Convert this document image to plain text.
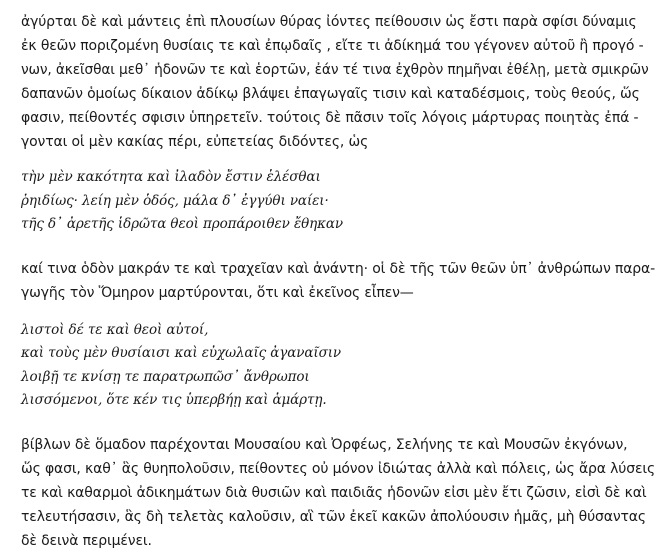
ἀγύρται δὲ καὶ μάντεις ἐπὶ πλουσίων θύρας ἰόντες πείθουσιν ὡς ἔστι παρὰ σφίσι δύναμις
ἐκ θεῶν ποριζομένη θυσίαις τε καὶ ἐπῳδαῖς , εἴτε τι ἀδίκημά του γέγονεν αὐτοῦ ἢ προγό -
νων, ἀκεῖσθαι μεθ᾽ ἡδονῶν τε καὶ ἑορτῶν, ἐάν τέ τινα ἐχθρὸν πημῆναι ἐθέλῃ, μετὰ σμικρῶν
δαπανῶν ὁμοίως δίκαιον ἀδίκῳ βλάψει ἐπαγωγαῖς τισιν καὶ καταδέσμοις, τοὺς θεούς, ὥς
φασιν, πείθοντές σφισιν ὑπηρετεῖν. τούτοις δὲ πᾶσιν τοῖς λόγοις μάρτυρας ποιητὰς ἐπά -
γονται οἱ μὲν κακίας πέρι, εὐπετείας διδόντες, ὡς
τὴν μὲν κακότητα καὶ ἰλαδὸν ἔστιν ἑλέσθαι
ῥηιδίως· λείη μὲν ὁδός, μάλα δ᾽ ἐγγύθι ναίει·
τῆς δ᾽ ἀρετῆς ἱδρῶτα θεοὶ προπάροιθεν ἔθηκαν
καί τινα ὁδὸν μακράν τε καὶ τραχεῖαν καὶ ἀνάντη· οἱ δὲ τῆς τῶν θεῶν ὑπ᾽ ἀνθρώπων παρα-
γωγῆς τὸν Ὅμηρον μαρτύρονται, ὅτι καὶ ἐκεῖνος εἶπεν—
λιστοὶ δέ τε καὶ θεοὶ αὐτοί,
καὶ τοὺς μὲν θυσίαισι καὶ εὐχωλαῖς ἀγαναῖσιν
λοιβῇ τε κνίσῃ τε παρατρωπῶσ᾽ ἄνθρωποι
λισσόμενοι, ὅτε κέν τις ὑπερβήῃ καὶ ἁμάρτῃ.
βίβλων δὲ ὅμαδον παρέχονται Μουσαίου καὶ Ὀρφέως, Σελήνης τε καὶ Μουσῶν ἐκγόνων,
ὥς φασι, καθ᾽ ἃς θυηπολοῦσιν, πείθοντες οὐ μόνον ἰδιώτας ἀλλὰ καὶ πόλεις, ὡς ἄρα λύσεις
τε καὶ καθαρμοὶ ἀδικημάτων διὰ θυσιῶν καὶ παιδιᾶς ἡδονῶν εἰσι μὲν ἔτι ζῶσιν, εἰσὶ δὲ καὶ
τελευτήσασιν, ἃς δὴ τελετὰς καλοῦσιν, αἳ τῶν ἐκεῖ κακῶν ἀπολύουσιν ἡμᾶς, μὴ θύσαντας
δὲ δεινὰ περιμένει.
